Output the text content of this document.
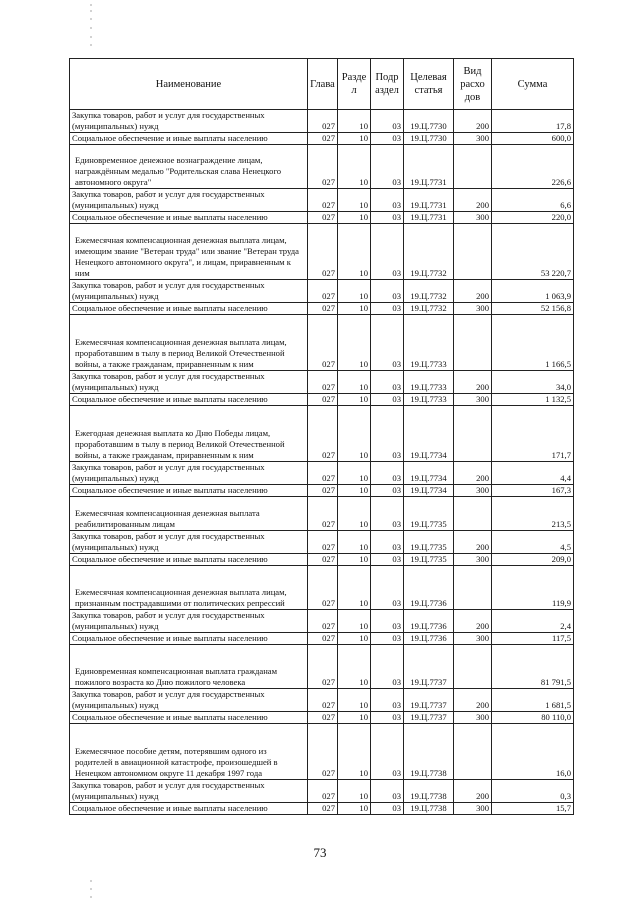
Наименование	Глава	Разде л	Подр аздел	Целевая статья	Вид расхо дов	Сумма
Закупка товаров, работ и услуг для государственных (муниципальных) нужд	027	10	03	19.Ц.7730	200	17,8
Социальное обеспечение и иные выплаты населению	027	10	03	19.Ц.7730	300	600,0
Единовременное денежное вознаграждение лицам, награждённым медалью "Родительская слава Ненецкого автономного округа"	027	10	03	19.Ц.7731		226,6
Закупка товаров, работ и услуг для государственных (муниципальных) нужд	027	10	03	19.Ц.7731	200	6,6
Социальное обеспечение и иные выплаты населению	027	10	03	19.Ц.7731	300	220,0
Ежемесячная компенсационная денежная выплата лицам, имеющим звание "Ветеран труда" или звание "Ветеран труда Ненецкого автономного округа", и лицам, приравненным к ним	027	10	03	19.Ц.7732		53 220,7
Закупка товаров, работ и услуг для государственных (муниципальных) нужд	027	10	03	19.Ц.7732	200	1 063,9
Социальное обеспечение и иные выплаты населению	027	10	03	19.Ц.7732	300	52 156,8
Ежемесячная компенсационная денежная выплата лицам, проработавшим в тылу в период Великой Отечественной войны, а также гражданам, приравненным к ним	027	10	03	19.Ц.7733		1 166,5
Закупка товаров, работ и услуг для государственных (муниципальных) нужд	027	10	03	19.Ц.7733	200	34,0
Социальное обеспечение и иные выплаты населению	027	10	03	19.Ц.7733	300	1 132,5
Ежегодная денежная выплата ко Дню Победы лицам, проработавшим в тылу в период Великой Отечественной войны, а также гражданам, приравненным к ним	027	10	03	19.Ц.7734		171,7
Закупка товаров, работ и услуг для государственных (муниципальных) нужд	027	10	03	19.Ц.7734	200	4,4
Социальное обеспечение и иные выплаты населению	027	10	03	19.Ц.7734	300	167,3
Ежемесячная компенсационная денежная выплата реабилитированным лицам	027	10	03	19.Ц.7735		213,5
Закупка товаров, работ и услуг для государственных (муниципальных) нужд	027	10	03	19.Ц.7735	200	4,5
Социальное обеспечение и иные выплаты населению	027	10	03	19.Ц.7735	300	209,0
Ежемесячная компенсационная денежная выплата лицам, признанным пострадавшими от политических репрессий	027	10	03	19.Ц.7736		119,9
Закупка товаров, работ и услуг для государственных (муниципальных) нужд	027	10	03	19.Ц.7736	200	2,4
Социальное обеспечение и иные выплаты населению	027	10	03	19.Ц.7736	300	117,5
Единовременная компенсационная выплата гражданам пожилого возраста ко Дню пожилого человека	027	10	03	19.Ц.7737		81 791,5
Закупка товаров, работ и услуг для государственных (муниципальных) нужд	027	10	03	19.Ц.7737	200	1 681,5
Социальное обеспечение и иные выплаты населению	027	10	03	19.Ц.7737	300	80 110,0
Ежемесячное пособие детям, потерявшим одного из родителей в авиационной катастрофе, произошедшей в Ненецком автономном округе 11 декабря 1997 года	027	10	03	19.Ц.7738		16,0
Закупка товаров, работ и услуг для государственных (муниципальных) нужд	027	10	03	19.Ц.7738	200	0,3
Социальное обеспечение и иные выплаты населению	027	10	03	19.Ц.7738	300	15,7
73
